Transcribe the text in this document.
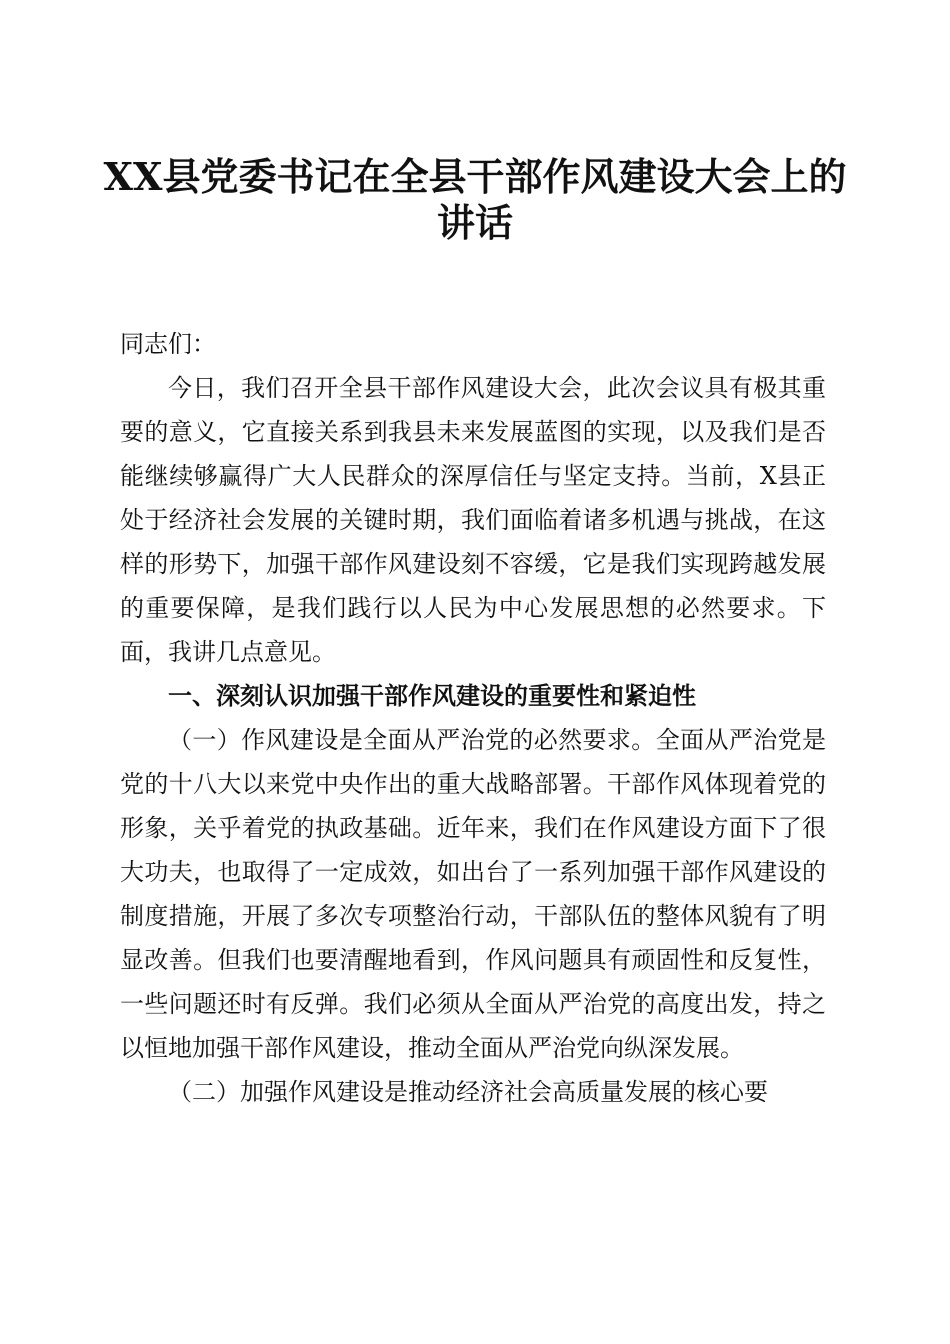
XX县党委书记在全县干部作风建设大会上的讲话

同志们：

今日，我们召开全县干部作风建设大会，此次会议具有极其重要的意义，它直接关系到我县未来发展蓝图的实现，以及我们是否能继续够赢得广大人民群众的深厚信任与坚定支持。当前，X县正处于经济社会发展的关键时期，我们面临着诸多机遇与挑战，在这样的形势下，加强干部作风建设刻不容缓，它是我们实现跨越发展的重要保障，是我们践行以人民为中心发展思想的必然要求。下面，我讲几点意见。

一、深刻认识加强干部作风建设的重要性和紧迫性

（一）作风建设是全面从严治党的必然要求。全面从严治党是党的十八大以来党中央作出的重大战略部署。干部作风体现着党的形象，关乎着党的执政基础。近年来，我们在作风建设方面下了很大功夫，也取得了一定成效，如出台了一系列加强干部作风建设的制度措施，开展了多次专项整治行动，干部队伍的整体风貌有了明显改善。但我们也要清醒地看到，作风问题具有顽固性和反复性，一些问题还时有反弹。我们必须从全面从严治党的高度出发，持之以恒地加强干部作风建设，推动全面从严治党向纵深发展。

（二）加强作风建设是推动经济社会高质量发展的核心要
